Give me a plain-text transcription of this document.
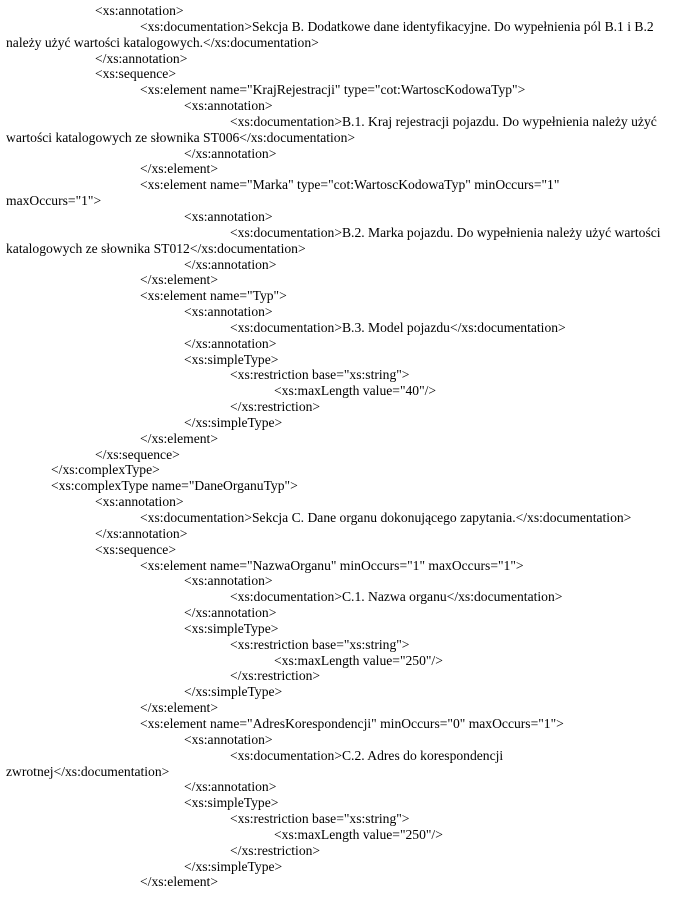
<xs:annotation>
<xs:documentation>Sekcja B. Dodatkowe dane identyfikacyjne. Do wypełnienia pól B.1 i B.2
należy użyć wartości katalogowych.</xs:documentation>
</xs:annotation>
<xs:sequence>
<xs:element name="KrajRejestracji" type="cot:WartoscKodowaTyp">
<xs:annotation>
<xs:documentation>B.1. Kraj rejestracji pojazdu. Do wypełnienia należy użyć
wartości katalogowych ze słownika ST006</xs:documentation>
</xs:annotation>
</xs:element>
<xs:element name="Marka" type="cot:WartoscKodowaTyp" minOccurs="1"
maxOccurs="1">
<xs:annotation>
<xs:documentation>B.2. Marka pojazdu. Do wypełnienia należy użyć wartości
katalogowych ze słownika ST012</xs:documentation>
</xs:annotation>
</xs:element>
<xs:element name="Typ">
<xs:annotation>
<xs:documentation>B.3. Model pojazdu</xs:documentation>
</xs:annotation>
<xs:simpleType>
<xs:restriction base="xs:string">
<xs:maxLength value="40"/>
</xs:restriction>
</xs:simpleType>
</xs:element>
</xs:sequence>
</xs:complexType>
<xs:complexType name="DaneOrganuTyp">
<xs:annotation>
<xs:documentation>Sekcja C. Dane organu dokonującego zapytania.</xs:documentation>
</xs:annotation>
<xs:sequence>
<xs:element name="NazwaOrganu" minOccurs="1" maxOccurs="1">
<xs:annotation>
<xs:documentation>C.1. Nazwa organu</xs:documentation>
</xs:annotation>
<xs:simpleType>
<xs:restriction base="xs:string">
<xs:maxLength value="250"/>
</xs:restriction>
</xs:simpleType>
</xs:element>
<xs:element name="AdresKorespondencji" minOccurs="0" maxOccurs="1">
<xs:annotation>
<xs:documentation>C.2. Adres do korespondencji
zwrotnej</xs:documentation>
</xs:annotation>
<xs:simpleType>
<xs:restriction base="xs:string">
<xs:maxLength value="250"/>
</xs:restriction>
</xs:simpleType>
</xs:element>
